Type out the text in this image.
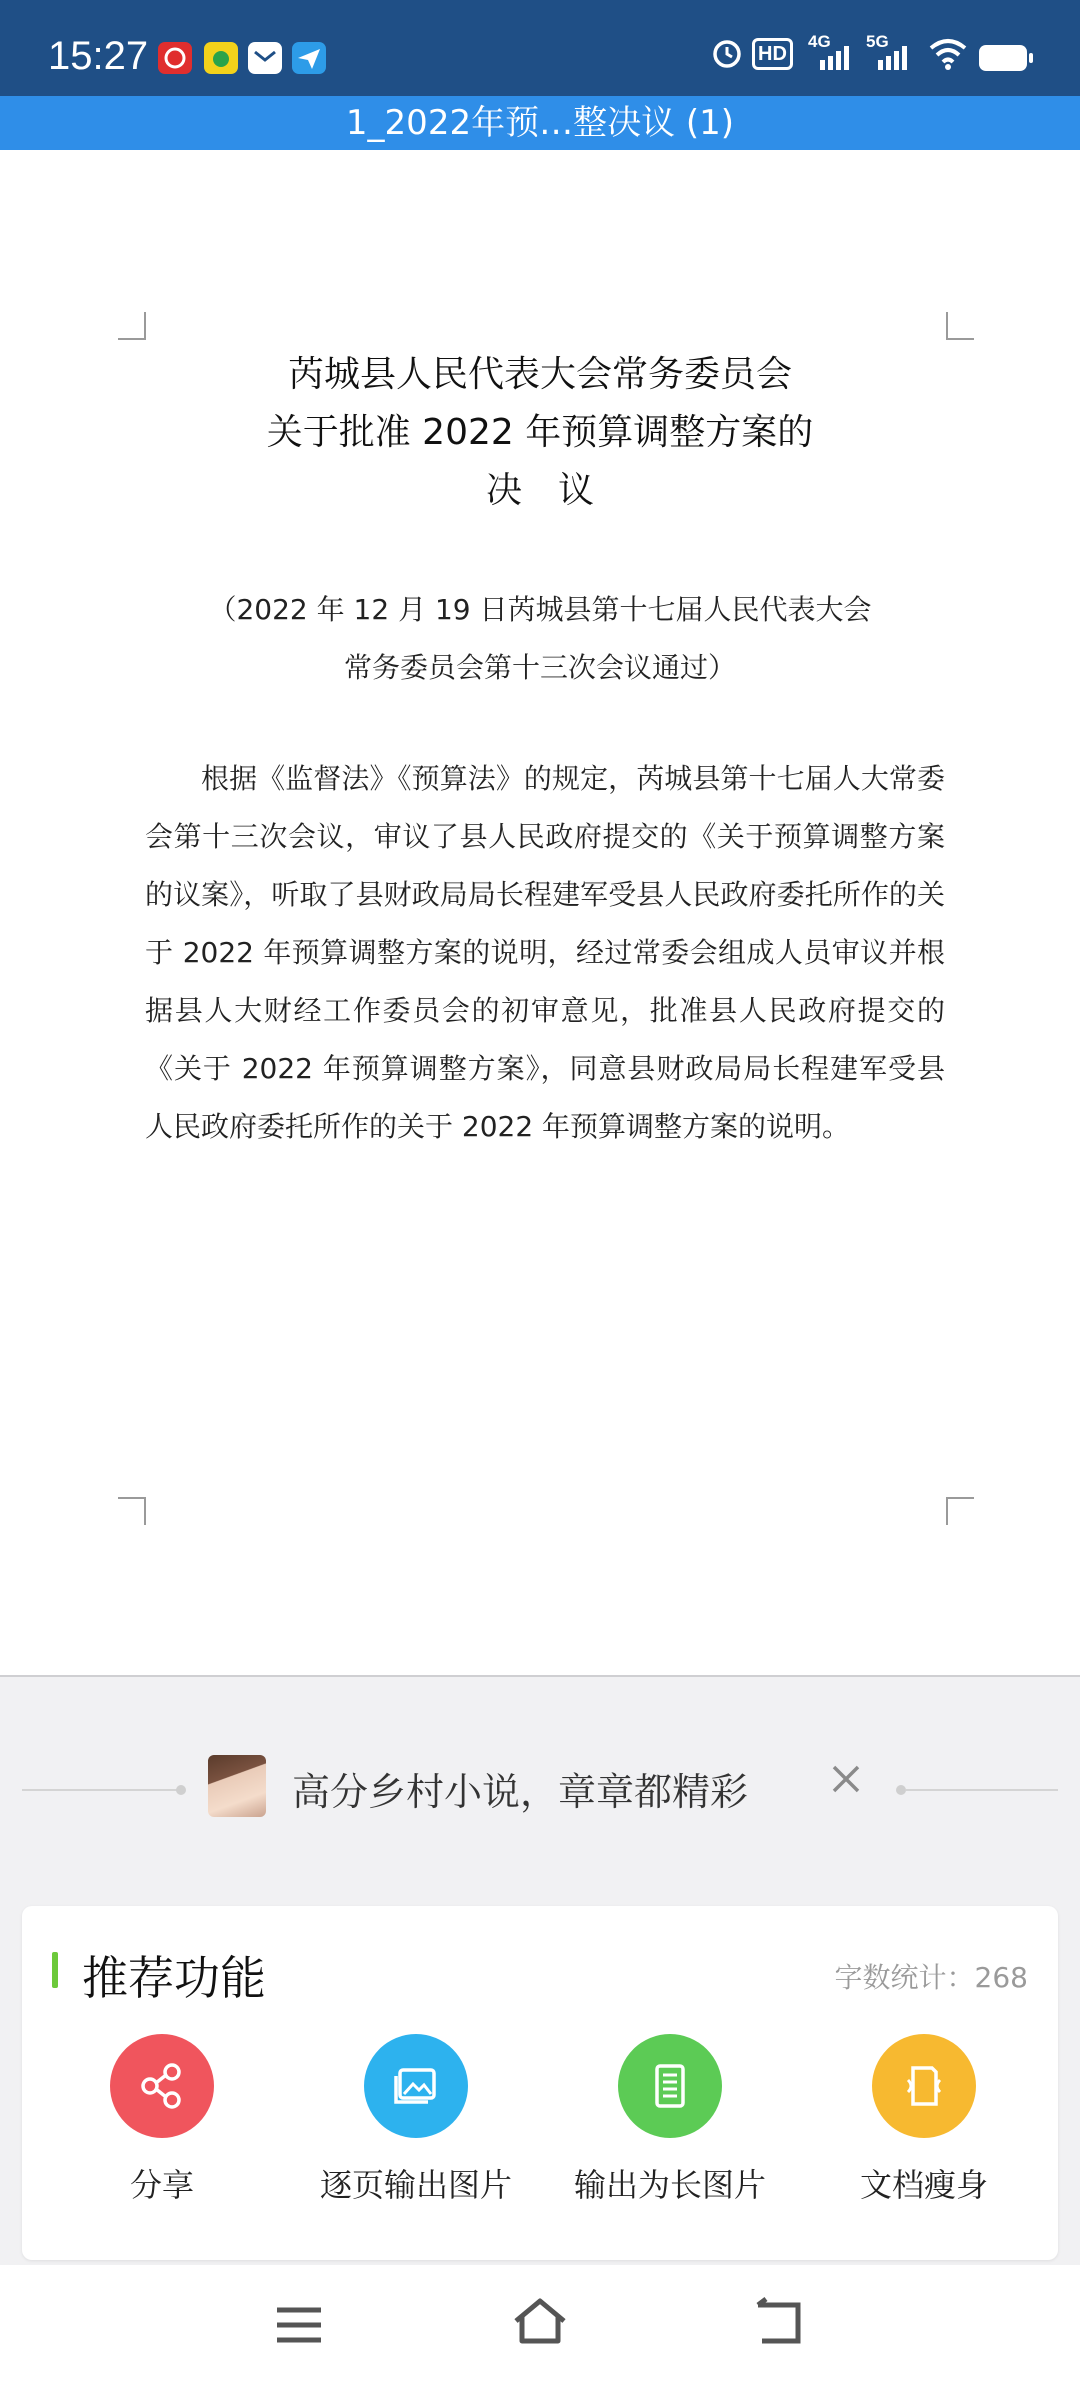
15:27	HD
4G 5G
1_2022年预…整决议 (1)
芮城县人民代表大会常务委员会
关于批准 2022 年预算调整方案的
决　议
（2022 年 12 月 19 日芮城县第十七届人民代表大会
常务委员会第十三次会议通过）

根据《监督法》《预算法》的规定，芮城县第十七届人大常委会第十三次会议，审议了县人民政府提交的《关于预算调整方案的议案》，听取了县财政局局长程建军受县人民政府委托所作的关于 2022 年预算调整方案的说明，经过常委会组成人员审议并根据县人大财经工作委员会的初审意见，批准县人民政府提交的《关于 2022 年预算调整方案》，同意县财政局局长程建军受县人民政府委托所作的关于 2022 年预算调整方案的说明。

高分乡村小说，章章都精彩
推荐功能	字数统计：268
分享	逐页输出图片	输出为长图片	文档瘦身
